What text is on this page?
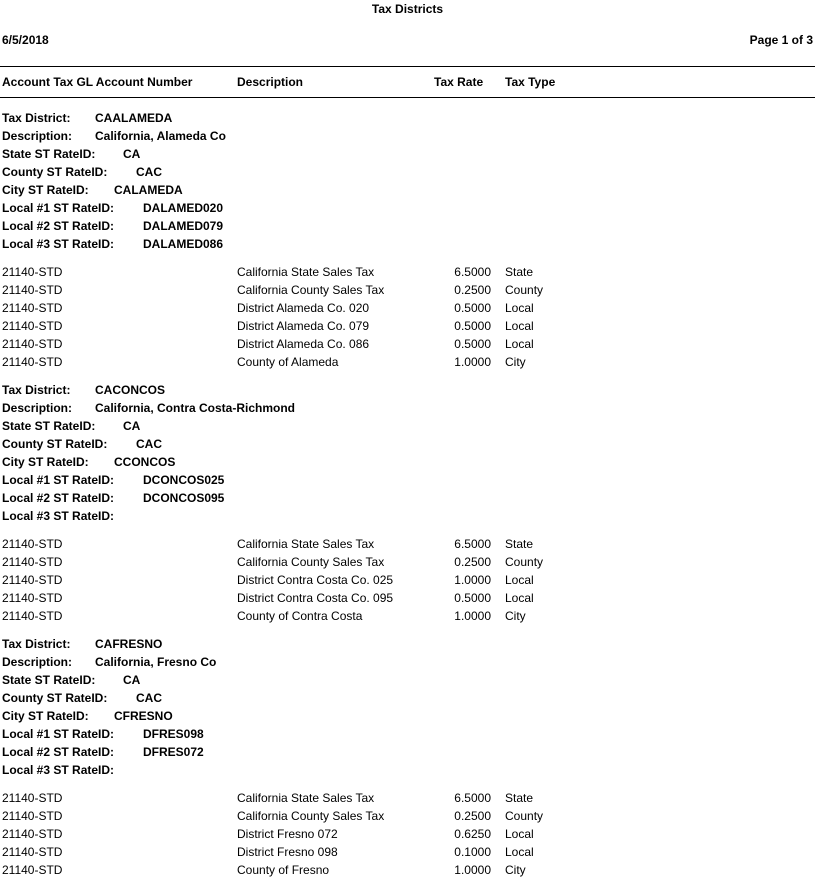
Tax Districts
6/5/2018	Page 1 of 3
Account Tax GL Account Number	Description	Tax Rate Tax Type
Tax District: CAALAMEDA
Description: California, Alameda Co
State ST RateID: CA
County ST RateID: CAC
City ST RateID: CALAMEDA
Local #1 ST RateID: DALAMED020
Local #2 ST RateID: DALAMED079
Local #3 ST RateID: DALAMED086
21140-STD	California State Sales Tax	6.5000 State
21140-STD	California County Sales Tax	0.2500 County
21140-STD	District Alameda Co. 020	0.5000 Local
21140-STD	District Alameda Co. 079	0.5000 Local
21140-STD	District Alameda Co. 086	0.5000 Local
21140-STD	County of Alameda	1.0000 City
Tax District: CACONCOS
Description: California, Contra Costa-Richmond
State ST RateID: CA
County ST RateID: CAC
City ST RateID: CCONCOS
Local #1 ST RateID: DCONCOS025
Local #2 ST RateID: DCONCOS095
Local #3 ST RateID:
21140-STD	California State Sales Tax	6.5000 State
21140-STD	California County Sales Tax	0.2500 County
21140-STD	District Contra Costa Co. 025	1.0000 Local
21140-STD	District Contra Costa Co. 095	0.5000 Local
21140-STD	County of Contra Costa	1.0000 City
Tax District: CAFRESNO
Description: California, Fresno Co
State ST RateID: CA
County ST RateID: CAC
City ST RateID: CFRESNO
Local #1 ST RateID: DFRES098
Local #2 ST RateID: DFRES072
Local #3 ST RateID:
21140-STD	California State Sales Tax	6.5000 State
21140-STD	California County Sales Tax	0.2500 County
21140-STD	District Fresno 072	0.6250 Local
21140-STD	District Fresno 098	0.1000 Local
21140-STD	County of Fresno	1.0000 City
